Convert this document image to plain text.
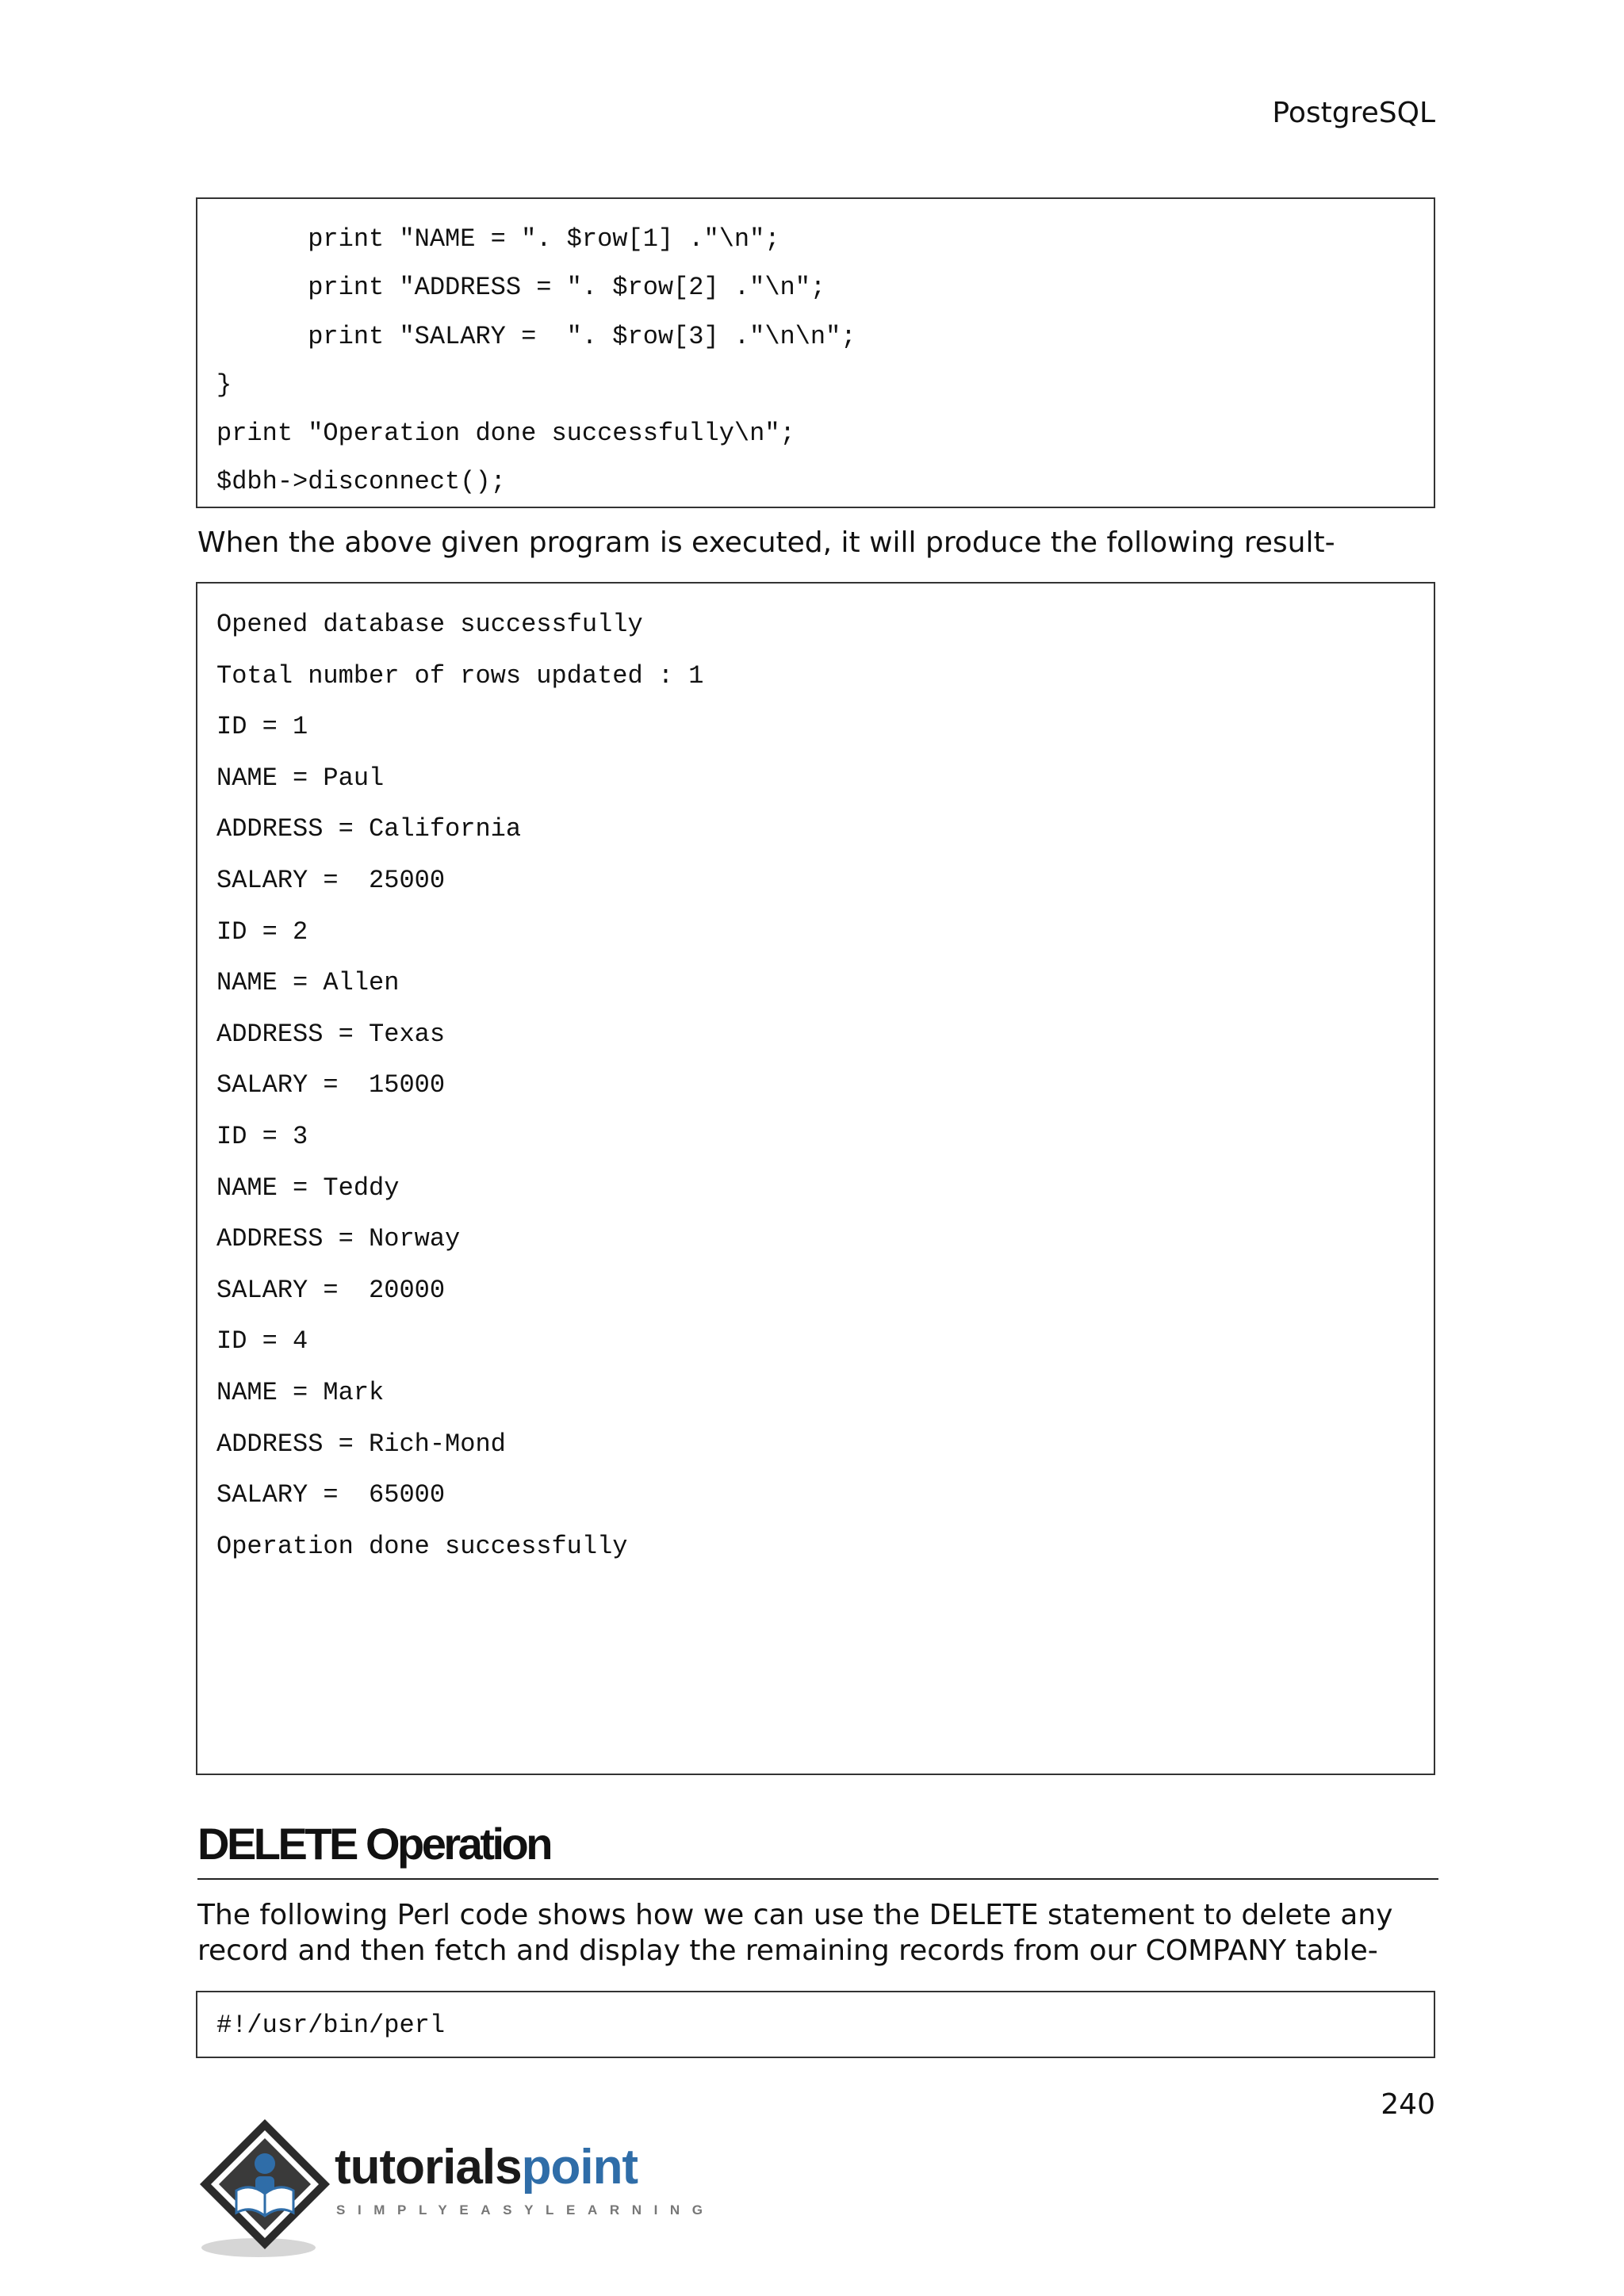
PostgreSQL
print "NAME = ". $row[1] ."\n";
print "ADDRESS = ". $row[2] ."\n";
print "SALARY =  ". $row[3] ."\n\n";
}
print "Operation done successfully\n";
$dbh->disconnect();

When the above given program is executed, it will produce the following result-

Opened database successfully
Total number of rows updated : 1
ID = 1
NAME = Paul
ADDRESS = California
SALARY =  25000
ID = 2
NAME = Allen
ADDRESS = Texas
SALARY =  15000
ID = 3
NAME = Teddy
ADDRESS = Norway
SALARY =  20000
ID = 4
NAME = Mark
ADDRESS = Rich-Mond
SALARY =  65000
Operation done successfully
DELETE Operation

The following Perl code shows how we can use the DELETE statement to delete any record and then fetch and display the remaining records from our COMPANY table-

#!/usr/bin/perl
240
tutorialspoint
SIMPLYEASYLEARNING
